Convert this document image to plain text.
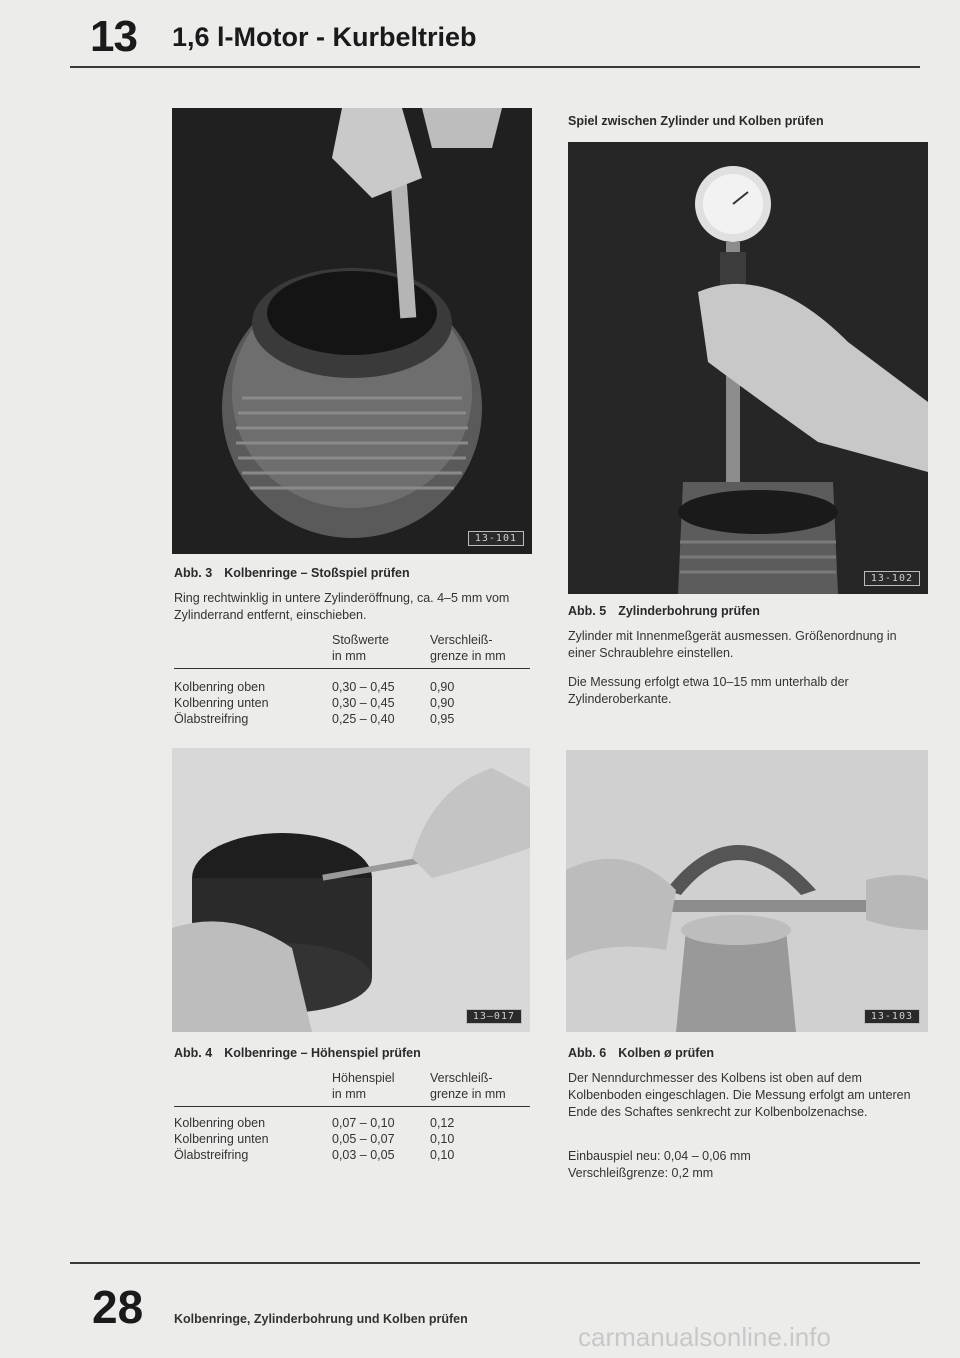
13 1,6 l-Motor - Kurbeltrieb
13-101
Abb. 3 Kolbenringe – Stoßspiel prüfen
Ring rechtwinklig in untere Zylinderöffnung, ca. 4–5 mm vom Zylinderrand entfernt, einschieben.
	Stoßwerte	Verschleiß-
	in mm	grenze in mm

Kolbenring oben	0,30 – 0,45	0,90
Kolbenring unten	0,30 – 0,45	0,90
Ölabstreifring	0,25 – 0,40	0,95
13–017
Abb. 4 Kolbenringe – Höhenspiel prüfen
	Höhenspiel	Verschleiß-
	in mm	grenze in mm

Kolbenring oben	0,07 – 0,10	0,12
Kolbenring unten	0,05 – 0,07	0,10
Ölabstreifring	0,03 – 0,05	0,10
Spiel zwischen Zylinder und Kolben prüfen
13-102
Abb. 5 Zylinderbohrung prüfen
Zylinder mit Innenmeßgerät ausmessen. Größenordnung in einer Schraublehre einstellen.
Die Messung erfolgt etwa 10–15 mm unterhalb der Zylinderoberkante.
13-103
Abb. 6 Kolben ø prüfen
Der Nenndurchmesser des Kolbens ist oben auf dem Kolbenboden eingeschlagen. Die Messung erfolgt am unteren Ende des Schaftes senkrecht zur Kolbenbolzenachse.
Einbauspiel neu: 0,04 – 0,06 mm
Verschleißgrenze: 0,2 mm
28 Kolbenringe, Zylinderbohrung und Kolben prüfen
carmanualsonline.info
